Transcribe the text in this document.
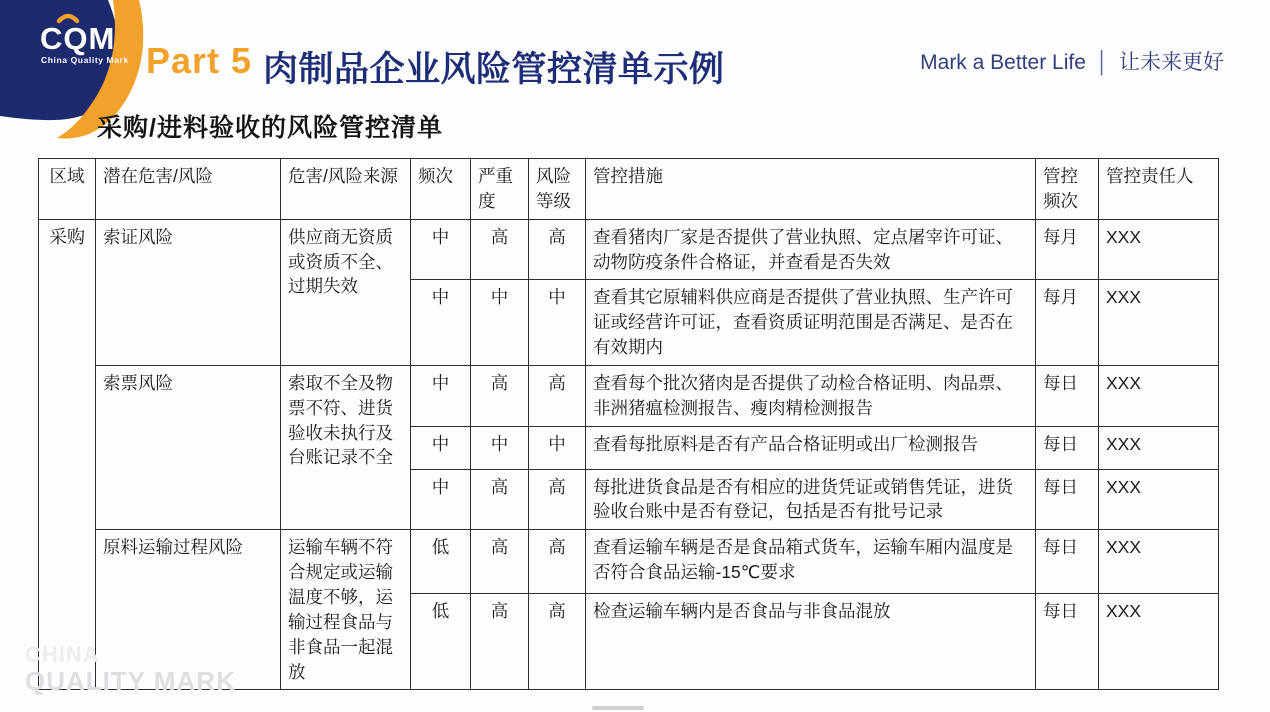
CQM
China Quality Mark Part 5 肉制品企业风险管控清单示例	Mark a Better Life │ 让未来更好
采购/进料验收的风险管控清单
区域	潜在危害/风险	危害/风险来源	频次	严重度	风险等级	管控措施	管控频次	管控责任人
采购	索证风险	供应商无资质或资质不全、过期失效	中	高	高	查看猪肉厂家是否提供了营业执照、定点屠宰许可证、动物防疫条件合格证，并查看是否失效	每月	XXX
			中	中	中	查看其它原辅料供应商是否提供了营业执照、生产许可证或经营许可证，查看资质证明范围是否满足、是否在有效期内	每月	XXX
	索票风险	索取不全及物票不符、进货验收未执行及台账记录不全	中	高	高	查看每个批次猪肉是否提供了动检合格证明、肉品票、非洲猪瘟检测报告、瘦肉精检测报告	每日	XXX
			中	中	中	查看每批原料是否有产品合格证明或出厂检测报告	每日	XXX
			中	高	高	每批进货食品是否有相应的进货凭证或销售凭证，进货验收台账中是否有登记，包括是否有批号记录	每日	XXX
	原料运输过程风险	运输车辆不符合规定或运输温度不够，运输过程食品与非食品一起混放	低	高	高	查看运输车辆是否是食品箱式货车，运输车厢内温度是否符合食品运输-15℃要求	每日	XXX
			低	高	高	检查运输车辆内是否食品与非食品混放	每日	XXX
CHINA
QUALITY MARK
